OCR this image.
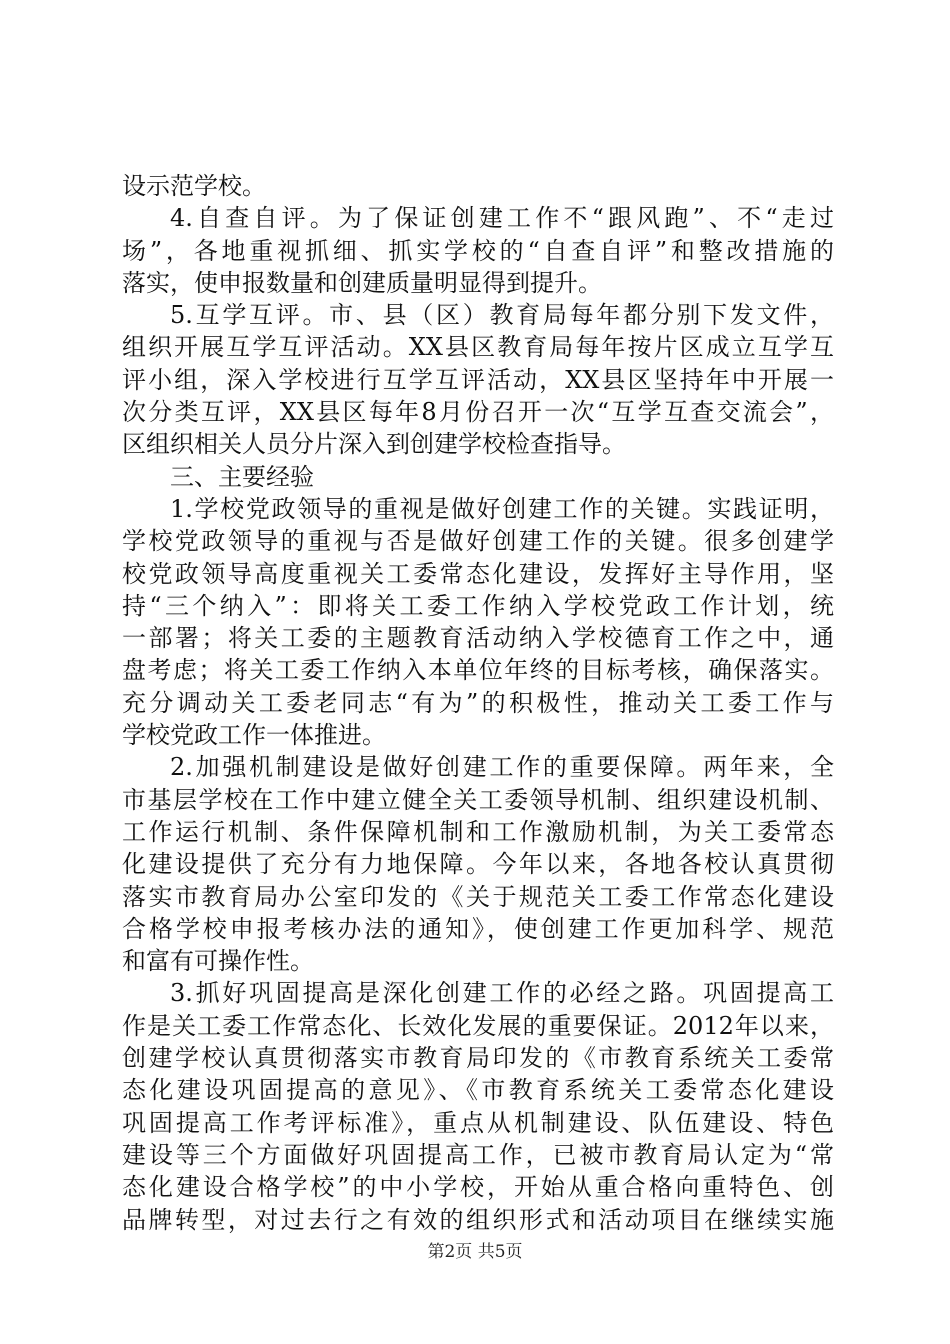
设示范学校。
4.自查自评。为了保证创建工作不“跟风跑”、不“走过
场”，各地重视抓细、抓实学校的“自查自评”和整改措施的
落实，使申报数量和创建质量明显得到提升。
5.互学互评。市、县（区）教育局每年都分别下发文件，
组织开展互学互评活动。XX县区教育局每年按片区成立互学互
评小组，深入学校进行互学互评活动，XX县区坚持年中开展一
次分类互评，XX县区每年8月份召开一次“互学互查交流会”，
区组织相关人员分片深入到创建学校检查指导。
三、主要经验
1.学校党政领导的重视是做好创建工作的关键。实践证明，
学校党政领导的重视与否是做好创建工作的关键。很多创建学
校党政领导高度重视关工委常态化建设，发挥好主导作用，坚
持“三个纳入”：即将关工委工作纳入学校党政工作计划，统
一部署；将关工委的主题教育活动纳入学校德育工作之中，通
盘考虑；将关工委工作纳入本单位年终的目标考核，确保落实。
充分调动关工委老同志“有为”的积极性，推动关工委工作与
学校党政工作一体推进。
2.加强机制建设是做好创建工作的重要保障。两年来，全
市基层学校在工作中建立健全关工委领导机制、组织建设机制、
工作运行机制、条件保障机制和工作激励机制，为关工委常态
化建设提供了充分有力地保障。今年以来，各地各校认真贯彻
落实市教育局办公室印发的《关于规范关工委工作常态化建设
合格学校申报考核办法的通知》，使创建工作更加科学、规范
和富有可操作性。
3.抓好巩固提高是深化创建工作的必经之路。巩固提高工
作是关工委工作常态化、长效化发展的重要保证。2012年以来，
创建学校认真贯彻落实市教育局印发的《市教育系统关工委常
态化建设巩固提高的意见》、《市教育系统关工委常态化建设
巩固提高工作考评标准》，重点从机制建设、队伍建设、特色
建设等三个方面做好巩固提高工作，已被市教育局认定为“常
态化建设合格学校”的中小学校，开始从重合格向重特色、创
品牌转型，对过去行之有效的组织形式和活动项目在继续实施
第2页 共5页
